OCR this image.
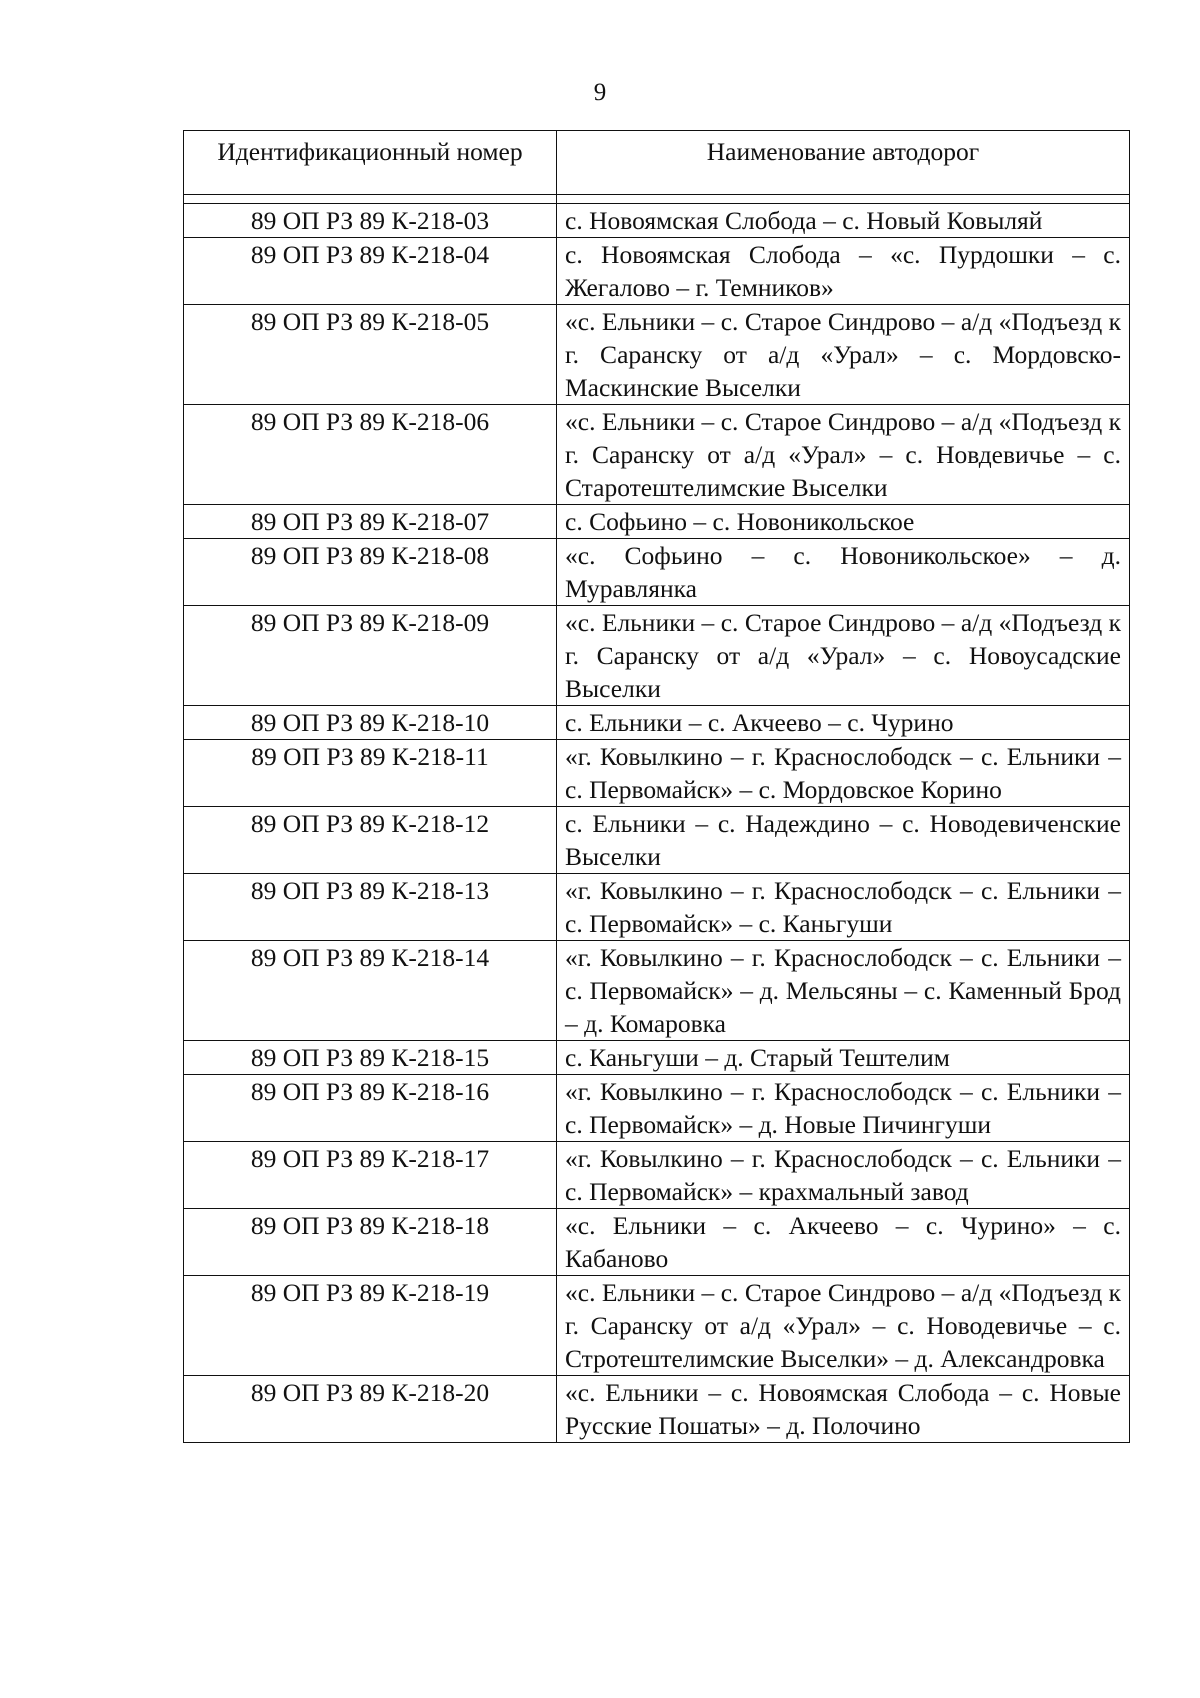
9
Идентификационный номер	Наименование автодорог

89 ОП РЗ 89 К-218-03	с. Новоямская Слобода – с. Новый Ковыляй
89 ОП РЗ 89 К-218-04	с. Новоямская Слобода – «с. Пурдошки – с. Жегалово – г. Темников»
89 ОП РЗ 89 К-218-05	«с. Ельники – с. Старое Синдрово – а/д «Подъезд к г. Саранску от а/д «Урал» – с. Мордовско-Маскинские Выселки
89 ОП РЗ 89 К-218-06	«с. Ельники – с. Старое Синдрово – а/д «Подъезд к г. Саранску от а/д «Урал» – с. Новдевичье – с. Старотештелимские Выселки
89 ОП РЗ 89 К-218-07	с. Софьино – с. Новоникольское
89 ОП РЗ 89 К-218-08	«с. Софьино – с. Новоникольское» – д. Муравлянка
89 ОП РЗ 89 К-218-09	«с. Ельники – с. Старое Синдрово – а/д «Подъезд к г. Саранску от а/д «Урал» – с. Новоусадские Выселки
89 ОП РЗ 89 К-218-10	с. Ельники – с. Акчеево – с. Чурино
89 ОП РЗ 89 К-218-11	«г. Ковылкино – г. Краснослободск – с. Ельники – с. Первомайск» – с. Мордовское Корино
89 ОП РЗ 89 К-218-12	с. Ельники – с. Надеждино – с. Новодевиченские Выселки
89 ОП РЗ 89 К-218-13	«г. Ковылкино – г. Краснослободск – с. Ельники – с. Первомайск» – с. Каньгуши
89 ОП РЗ 89 К-218-14	«г. Ковылкино – г. Краснослободск – с. Ельники – с. Первомайск» – д. Мельсяны – с. Каменный Брод – д. Комаровка
89 ОП РЗ 89 К-218-15	с. Каньгуши – д. Старый Тештелим
89 ОП РЗ 89 К-218-16	«г. Ковылкино – г. Краснослободск – с. Ельники – с. Первомайск» – д. Новые Пичингуши
89 ОП РЗ 89 К-218-17	«г. Ковылкино – г. Краснослободск – с. Ельники – с. Первомайск» – крахмальный завод
89 ОП РЗ 89 К-218-18	«с. Ельники – с. Акчеево – с. Чурино» – с. Кабаново
89 ОП РЗ 89 К-218-19	«с. Ельники – с. Старое Синдрово – а/д «Подъезд к г. Саранску от а/д «Урал» – с. Новодевичье – с. Стротештелимские Выселки» – д. Александровка
89 ОП РЗ 89 К-218-20	«с. Ельники – с. Новоямская Слобода – с. Новые Русские Пошаты» – д. Полочино
